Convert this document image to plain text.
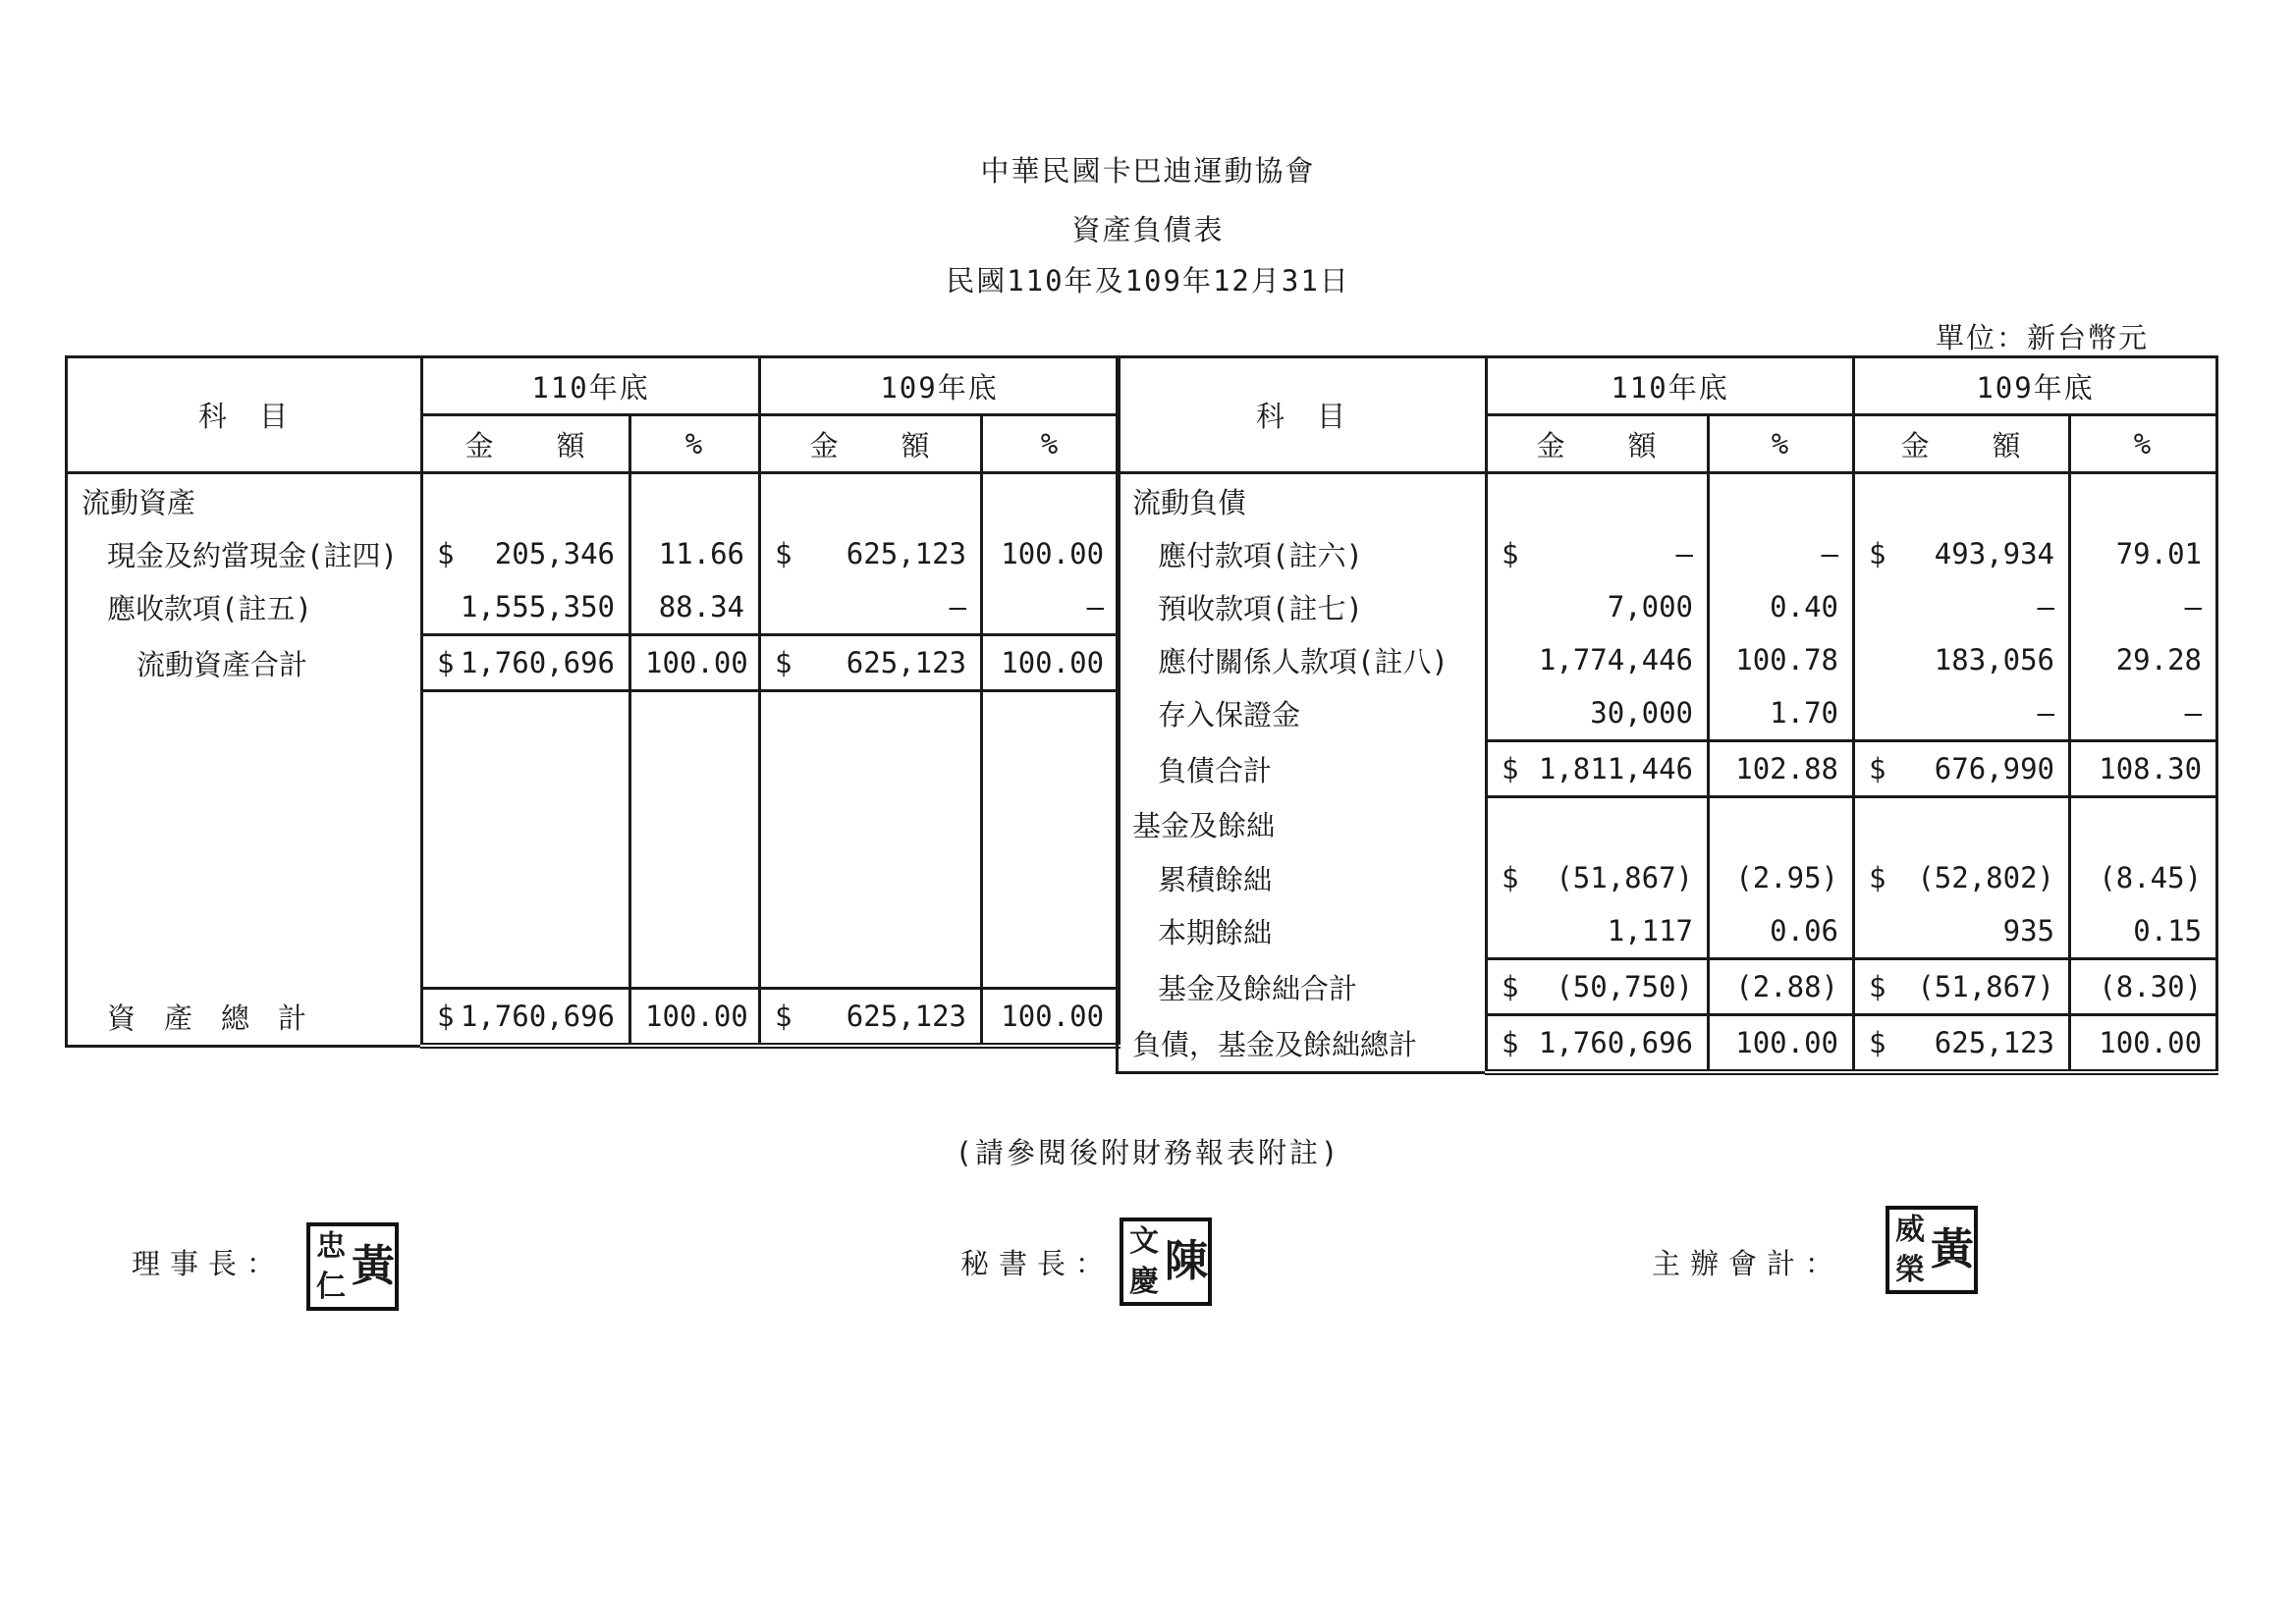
中華民國卡巴迪運動協會
資產負債表
民國110年及109年12月31日
單位：新台幣元
科　目	110年底		109年底	
	金　　額	%	金　　額	%
流動資產				
現金及約當現金(註四)	$ 205,346	11.66	$ 625,123	100.00
應收款項(註五)	1,555,350	88.34	–	–
流動資產合計	$ 1,760,696	100.00	$ 625,123	100.00

資　產　總　計	$ 1,760,696	100.00	$ 625,123	100.00
科　目	110年底		109年底	
	金　　額	%	金　　額	%
流動負債				
應付款項(註六)	$ –	–	$ 493,934	79.01
預收款項(註七)	7,000	0.40	–	–
應付關係人款項(註八)	1,774,446	100.78	183,056	29.28
存入保證金	30,000	1.70	–	–
負債合計	$ 1,811,446	102.88	$ 676,990	108.30
基金及餘絀				
累積餘絀	$ (51,867)	(2.95)	$ (52,802)	(8.45)
本期餘絀	1,117	0.06	935	0.15
基金及餘絀合計	$ (50,750)	(2.88)	$ (51,867)	(8.30)
負債，基金及餘絀總計	$ 1,760,696	100.00	$ 625,123	100.00
(請參閱後附財務報表附註)
理事長： 黃
忠
仁
秘書長： 陳
文
慶
主辦會計： 黃
威
榮
